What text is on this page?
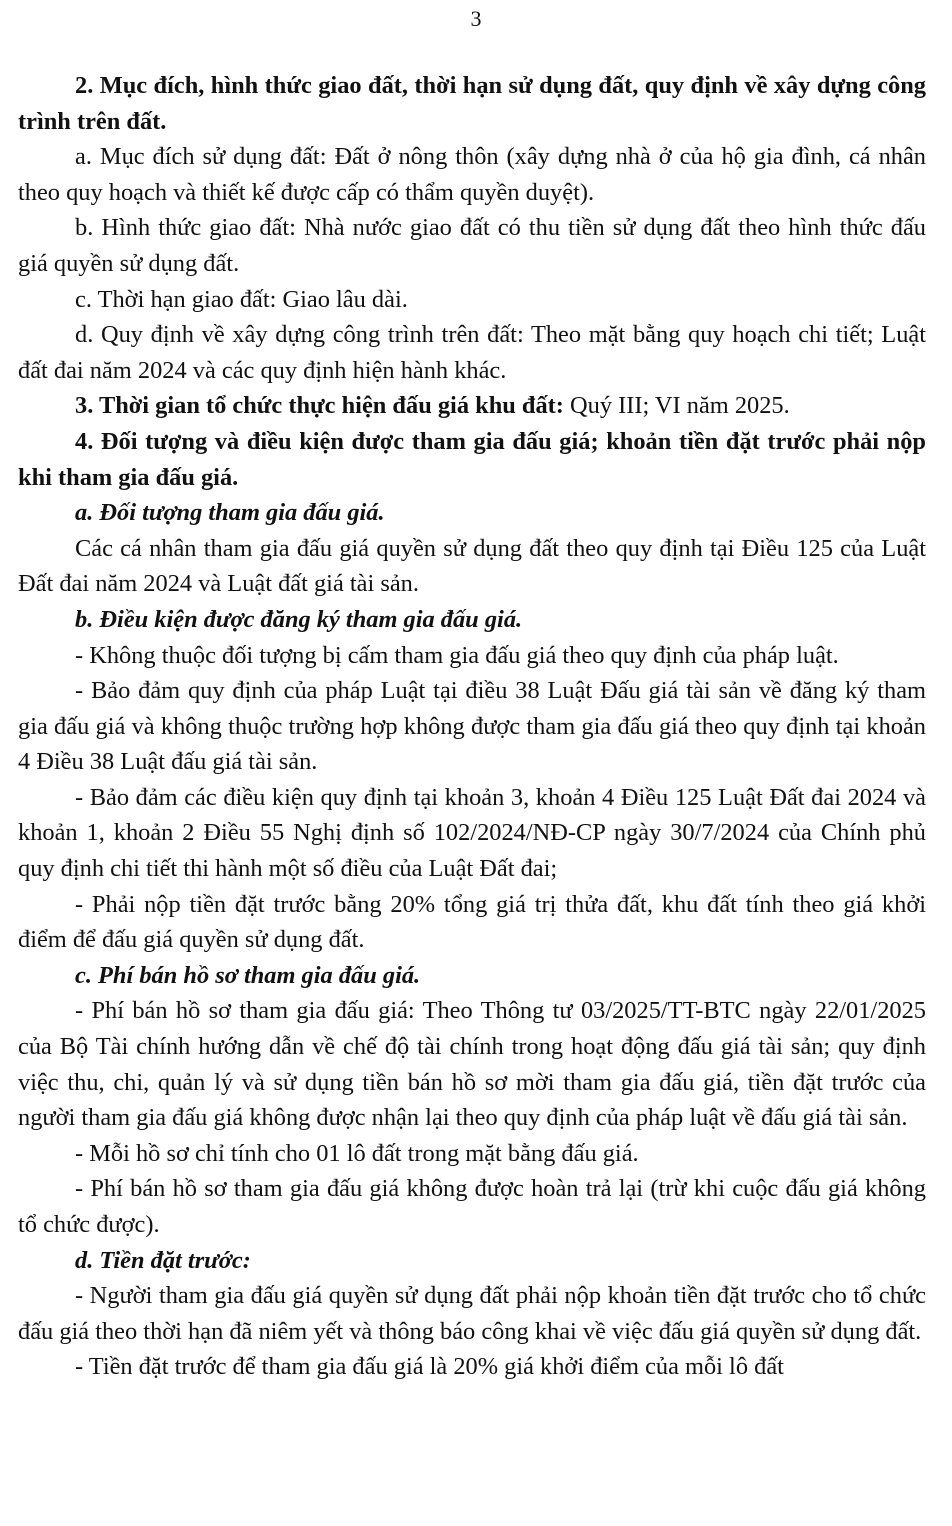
3

2. Mục đích, hình thức giao đất, thời hạn sử dụng đất, quy định về xây dựng công trình trên đất.

a. Mục đích sử dụng đất: Đất ở nông thôn (xây dựng nhà ở của hộ gia đình, cá nhân theo quy hoạch và thiết kế được cấp có thẩm quyền duyệt).

b. Hình thức giao đất: Nhà nước giao đất có thu tiền sử dụng đất theo hình thức đấu giá quyền sử dụng đất.

c. Thời hạn giao đất: Giao lâu dài.

d. Quy định về xây dựng công trình trên đất: Theo mặt bằng quy hoạch chi tiết; Luật đất đai năm 2024 và các quy định hiện hành khác.

3. Thời gian tổ chức thực hiện đấu giá khu đất: Quý III; VI năm 2025.

4. Đối tượng và điều kiện được tham gia đấu giá; khoản tiền đặt trước phải nộp khi tham gia đấu giá.

a. Đối tượng tham gia đấu giá.

Các cá nhân tham gia đấu giá quyền sử dụng đất theo quy định tại Điều 125 của Luật Đất đai năm 2024 và Luật đất giá tài sản.

b. Điều kiện được đăng ký tham gia đấu giá.

- Không thuộc đối tượng bị cấm tham gia đấu giá theo quy định của pháp luật.

- Bảo đảm quy định của pháp Luật tại điều 38 Luật Đấu giá tài sản về đăng ký tham gia đấu giá và không thuộc trường hợp không được tham gia đấu giá theo quy định tại khoản 4 Điều 38 Luật đấu giá tài sản.

- Bảo đảm các điều kiện quy định tại khoản 3, khoản 4 Điều 125 Luật Đất đai 2024 và khoản 1, khoản 2 Điều 55 Nghị định số 102/2024/NĐ-CP ngày 30/7/2024 của Chính phủ quy định chi tiết thi hành một số điều của Luật Đất đai;

- Phải nộp tiền đặt trước bằng 20% tổng giá trị thửa đất, khu đất tính theo giá khởi điểm để đấu giá quyền sử dụng đất.

c. Phí bán hồ sơ tham gia đấu giá.

- Phí bán hồ sơ tham gia đấu giá: Theo Thông tư 03/2025/TT-BTC ngày 22/01/2025 của Bộ Tài chính hướng dẫn về chế độ tài chính trong hoạt động đấu giá tài sản; quy định việc thu, chi, quản lý và sử dụng tiền bán hồ sơ mời tham gia đấu giá, tiền đặt trước của người tham gia đấu giá không được nhận lại theo quy định của pháp luật về đấu giá tài sản.

- Mỗi hồ sơ chỉ tính cho 01 lô đất trong mặt bằng đấu giá.

- Phí bán hồ sơ tham gia đấu giá không được hoàn trả lại (trừ khi cuộc đấu giá không tổ chức được).

d. Tiền đặt trước:

- Người tham gia đấu giá quyền sử dụng đất phải nộp khoản tiền đặt trước cho tổ chức đấu giá theo thời hạn đã niêm yết và thông báo công khai về việc đấu giá quyền sử dụng đất.

- Tiền đặt trước để tham gia đấu giá là 20% giá khởi điểm của mỗi lô đất
